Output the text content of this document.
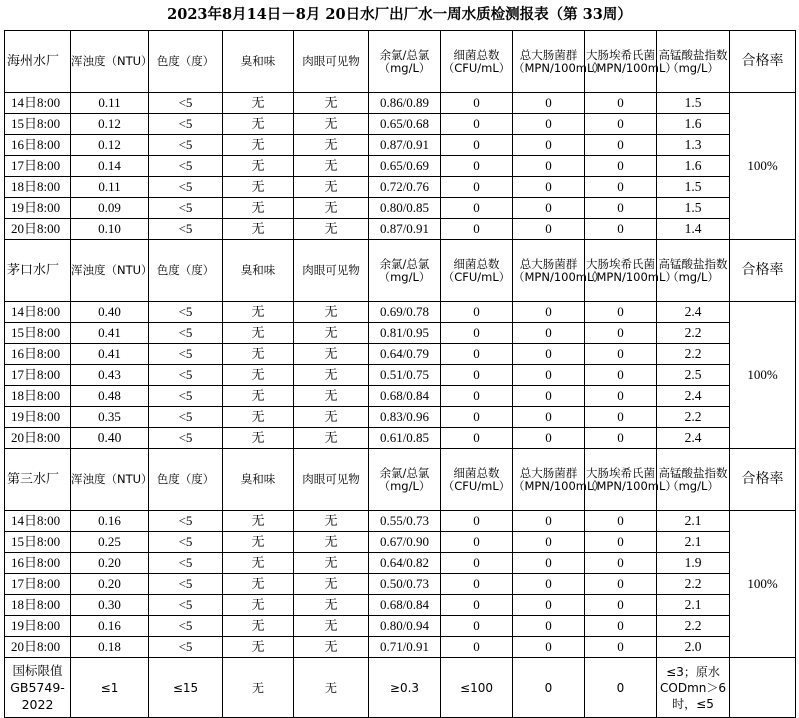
2023年8月14日－8月 20日水厂出厂水一周水质检测报表（第 33周）
海州水厂	浑浊度（NTU）	色度（度）	臭和味	肉眼可见物	余氯/总氯（mg/L）	细菌总数（CFU/mL）	总大肠菌群（MPN/100mL）	大肠埃希氏菌（MPN/100mL）	高锰酸盐指数（mg/L）	合格率
14日8:00	0.11	<5	无	无	0.86/0.89	0	0	0	1.5	100%
15日8:00	0.12	<5	无	无	0.65/0.68	0	0	0	1.6	
16日8:00	0.12	<5	无	无	0.87/0.91	0	0	0	1.3	
17日8:00	0.14	<5	无	无	0.65/0.69	0	0	0	1.6	
18日8:00	0.11	<5	无	无	0.72/0.76	0	0	0	1.5	
19日8:00	0.09	<5	无	无	0.80/0.85	0	0	0	1.5	
20日8:00	0.10	<5	无	无	0.87/0.91	0	0	0	1.4	
茅口水厂	浑浊度（NTU）	色度（度）	臭和味	肉眼可见物	余氯/总氯（mg/L）	细菌总数（CFU/mL）	总大肠菌群（MPN/100mL）	大肠埃希氏菌（MPN/100mL）	高锰酸盐指数（mg/L）	合格率
14日8:00	0.40	<5	无	无	0.69/0.78	0	0	0	2.4	100%
15日8:00	0.41	<5	无	无	0.81/0.95	0	0	0	2.2	
16日8:00	0.41	<5	无	无	0.64/0.79	0	0	0	2.2	
17日8:00	0.43	<5	无	无	0.51/0.75	0	0	0	2.5	
18日8:00	0.48	<5	无	无	0.68/0.84	0	0	0	2.4	
19日8:00	0.35	<5	无	无	0.83/0.96	0	0	0	2.2	
20日8:00	0.40	<5	无	无	0.61/0.85	0	0	0	2.4	
第三水厂	浑浊度（NTU）	色度（度）	臭和味	肉眼可见物	余氯/总氯（mg/L）	细菌总数（CFU/mL）	总大肠菌群（MPN/100mL）	大肠埃希氏菌（MPN/100mL）	高锰酸盐指数（mg/L）	合格率
14日8:00	0.16	<5	无	无	0.55/0.73	0	0	0	2.1	100%
15日8:00	0.25	<5	无	无	0.67/0.90	0	0	0	2.1	
16日8:00	0.20	<5	无	无	0.64/0.82	0	0	0	1.9	
17日8:00	0.20	<5	无	无	0.50/0.73	0	0	0	2.2	
18日8:00	0.30	<5	无	无	0.68/0.84	0	0	0	2.1	
19日8:00	0.16	<5	无	无	0.80/0.94	0	0	0	2.2	
20日8:00	0.18	<5	无	无	0.71/0.91	0	0	0	2.0	
国标限值GB5749-2022	≤1	≤15	无	无	≥0.3	≤100	0	0	≤3；原水CODmn＞6时，≤5	
